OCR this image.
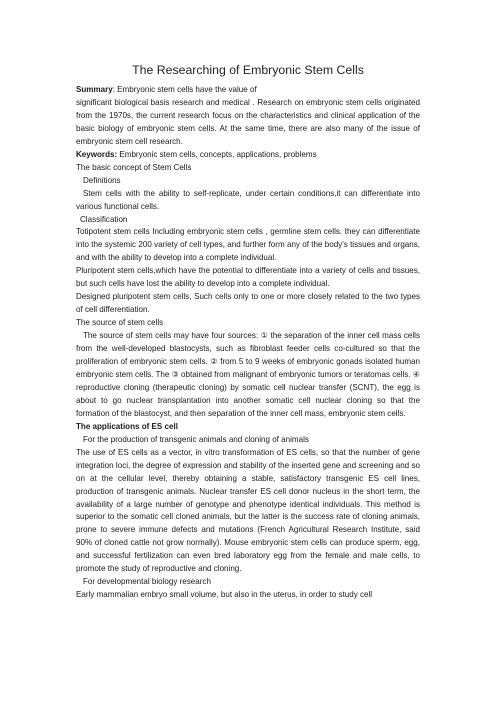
The Researching of Embryonic Stem Cells

Summary: Embryonic stem cells have the value of

significant biological basis research and medical . Research on embryonic stem cells originated from the 1970s, the current research focus on the characteristics and clinical application of the basic biology of embryonic stem cells. At the same time, there are also many of the issue of embryonic stem cell research.

Keywords: Embryonic stem cells, concepts, applications, problems

The basic concept of Stem Cells

Definitions

Stem cells with the ability to self-replicate, under certain conditions,it can differentiate into various functional cells.

Classification

Totipotent stem cells Including embryonic stem cells , germline stem cells. they can differentiate into the systemic 200 variety of cell types, and further form any of the body's tissues and organs, and with the ability to develop into a complete individual.

Pluripotent stem cells,which have the potential to differentiate into a variety of cells and tissues, but such cells have lost the ability to develop into a complete individual.

Designed pluripotent stem cells, Such cells only to one or more closely related to the two types of cell differentiation.

The source of stem cells

The source of stem cells may have four sources: ① the separation of the inner cell mass cells from the well-developed blastocysts, such as fibroblast feeder cells co-cultured so that the proliferation of embryonic stem cells. ② from 5 to 9 weeks of embryonic gonads isolated human embryonic stem cells. The ③ obtained from malignant of embryonic tumors or teratomas cells. ④ reproductive cloning (therapeutic cloning) by somatic cell nuclear transfer (SCNT), the egg is about to go nuclear transplantation into another somatic cell nuclear cloning so that the formation of the blastocyst, and then separation of the inner cell mass, embryonic stem cells.

The applications of ES cell

For the production of transgenic animals and cloning of animals

The use of ES cells as a vector, in vitro transformation of ES cells, so that the number of gene integration loci, the degree of expression and stability of the inserted gene and screening and so on at the cellular level, thereby obtaining a stable, satisfactory transgenic ES cell lines, production of transgenic animals. Nuclear transfer ES cell donor nucleus in the short term, the availability of a large number of genotype and phenotype identical individuals. This method is superior to the somatic cell cloned animals, but the latter is the success rate of cloning animals, prone to severe immune defects and mutations (French Agricultural Research Institute, said 90% of cloned cattle not grow normally). Mouse embryonic stem cells can produce sperm, egg, and successful fertilization can even bred laboratory egg from the female and male cells, to promote the study of reproductive and cloning.

For developmental biology research

Early mammalian embryo small volume, but also in the uterus, in order to study cell
